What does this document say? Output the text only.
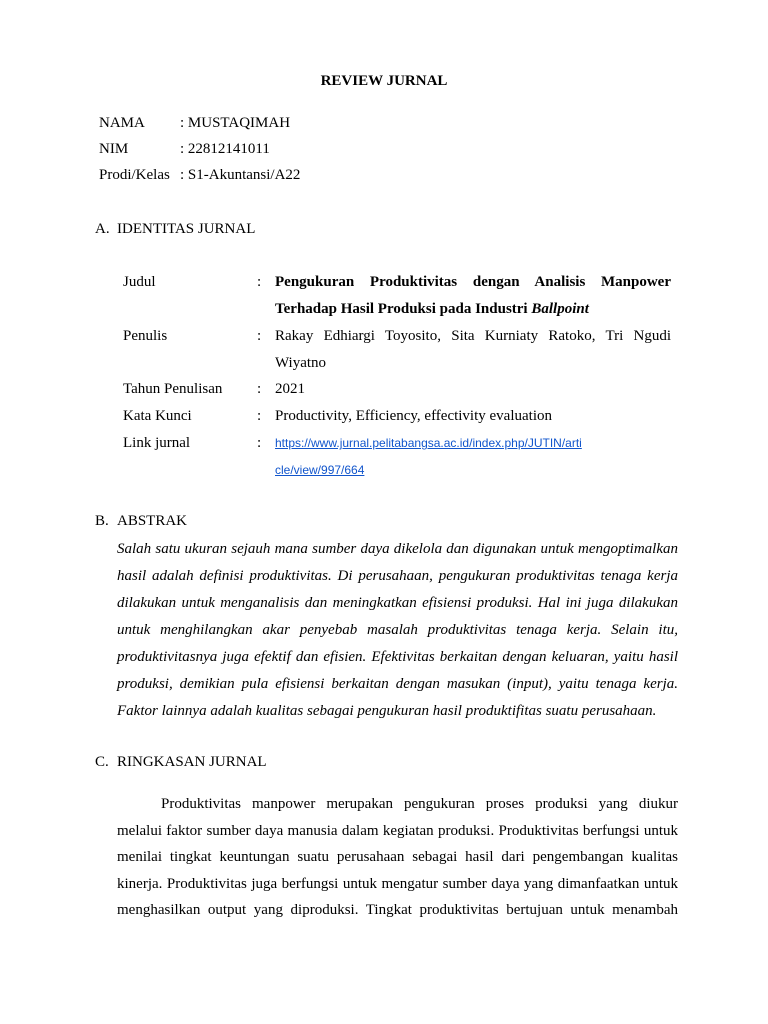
REVIEW JURNAL
NAMA	: MUSTAQIMAH
NIM	: 22812141011
Prodi/Kelas : S1-Akuntansi/A22
A. IDENTITAS JURNAL
Judul	: Pengukuran Produktivitas dengan Analisis Manpower
Terhadap Hasil Produksi pada Industri Ballpoint
Penulis	: Rakay Edhiargi Toyosito, Sita Kurniaty Ratoko, Tri Ngudi
Wiyatno
Tahun Penulisan : 2021
Kata Kunci	: Productivity, Efficiency, effectivity evaluation
Link jurnal	: https://www.jurnal.pelitabangsa.ac.id/index.php/JUTIN/arti
cle/view/997/664
B. ABSTRAK
Salah satu ukuran sejauh mana sumber daya dikelola dan digunakan untuk mengoptimalkan
hasil adalah definisi produktivitas. Di perusahaan, pengukuran produktivitas tenaga kerja
dilakukan untuk menganalisis dan meningkatkan efisiensi produksi. Hal ini juga dilakukan
untuk menghilangkan akar penyebab masalah produktivitas tenaga kerja. Selain itu,
produktivitasnya juga efektif dan efisien. Efektivitas berkaitan dengan keluaran, yaitu hasil
produksi, demikian pula efisiensi berkaitan dengan masukan (input), yaitu tenaga kerja.
Faktor lainnya adalah kualitas sebagai pengukuran hasil produktifitas suatu perusahaan.
C. RINGKASAN JURNAL
Produktivitas manpower merupakan pengukuran proses produksi yang diukur
melalui faktor sumber daya manusia dalam kegiatan produksi. Produktivitas berfungsi untuk
menilai tingkat keuntungan suatu perusahaan sebagai hasil dari pengembangan kualitas
kinerja. Produktivitas juga berfungsi untuk mengatur sumber daya yang dimanfaatkan untuk
menghasilkan output yang diproduksi. Tingkat produktivitas bertujuan untuk menambah
